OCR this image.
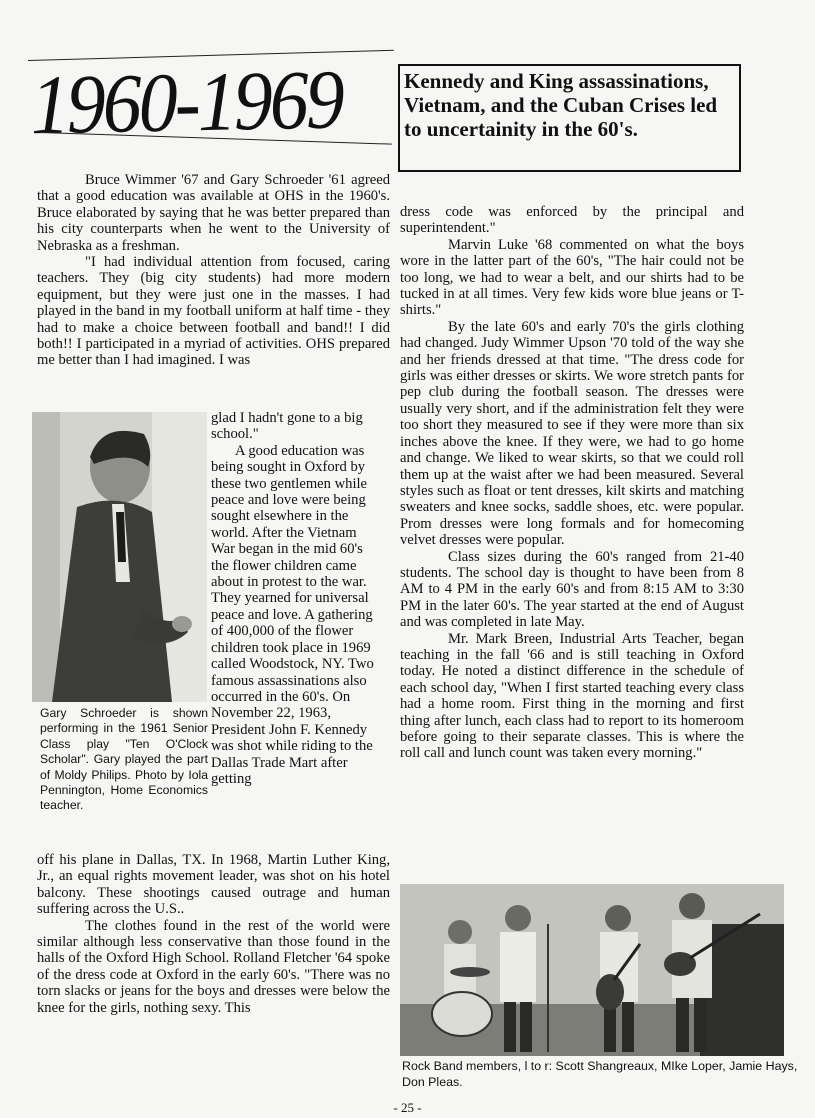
1960-1969	Kennedy and King assassinations, Vietnam, and the Cuban Crises led to uncertainity in the 60's.

Bruce Wimmer '67 and Gary Schroeder '61 agreed that a good education was available at OHS in the 1960's. Bruce elaborated by saying that he was better prepared than his city counterparts when he went to the University of Nebraska as a freshman.

"I had individual attention from focused, caring teachers. They (big city students) had more modern equipment, but they were just one in the masses. I had played in the band in my football uniform at half time - they had to make a choice between football and band!! I did both!! I participated in a myriad of activities. OHS prepared me better than I had imagined. I was

glad I hadn't gone to a big school."

A good education was being sought in Oxford by these two gentlemen while peace and love were being sought elsewhere in the world. After the Vietnam War began in the mid 60's the flower children came about in protest to the war. They yearned for universal peace and love. A gathering of 400,000 of the flower children took place in 1969 called Woodstock, NY. Two famous assassinations also occurred in the 60's. On November 22, 1963, President John F. Kennedy was shot while riding to the Dallas Trade Mart after getting

Gary Schroeder is shown performing in the 1961 Senior Class play "Ten O'Clock Scholar". Gary played the part of Moldy Philips. Photo by Iola Pennington, Home Economics teacher.

off his plane in Dallas, TX. In 1968, Martin Luther King, Jr., an equal rights movement leader, was shot on his hotel balcony. These shootings caused outrage and human suffering across the U.S..

The clothes found in the rest of the world were similar although less conservative than those found in the halls of the Oxford High School. Rolland Fletcher '64 spoke of the dress code at Oxford in the early 60's. "There was no torn slacks or jeans for the boys and dresses were below the knee for the girls, nothing sexy. This

dress code was enforced by the principal and superintendent."

Marvin Luke '68 commented on what the boys wore in the latter part of the 60's, "The hair could not be too long, we had to wear a belt, and our shirts had to be tucked in at all times. Very few kids wore blue jeans or T-shirts."

By the late 60's and early 70's the girls clothing had changed. Judy Wimmer Upson '70 told of the way she and her friends dressed at that time. "The dress code for girls was either dresses or skirts. We wore stretch pants for pep club during the football season. The dresses were usually very short, and if the administration felt they were too short they measured to see if they were more than six inches above the knee. If they were, we had to go home and change. We liked to wear skirts, so that we could roll them up at the waist after we had been measured. Several styles such as float or tent dresses, kilt skirts and matching sweaters and knee socks, saddle shoes, etc. were popular. Prom dresses were long formals and for homecoming velvet dresses were popular.

Class sizes during the 60's ranged from 21-40 students. The school day is thought to have been from 8 AM to 4 PM in the early 60's and from 8:15 AM to 3:30 PM in the later 60's. The year started at the end of August and was completed in late May.

Mr. Mark Breen, Industrial Arts Teacher, began teaching in the fall '66 and is still teaching in Oxford today. He noted a distinct difference in the schedule of each school day, "When I first started teaching every class had a home room. First thing in the morning and first thing after lunch, each class had to report to its homeroom before going to their separate classes. This is where the roll call and lunch count was taken every morning."

Rock Band members, l to r: Scott Shangreaux, MIke Loper, Jamie Hays, Don Pleas.
- 25 -
